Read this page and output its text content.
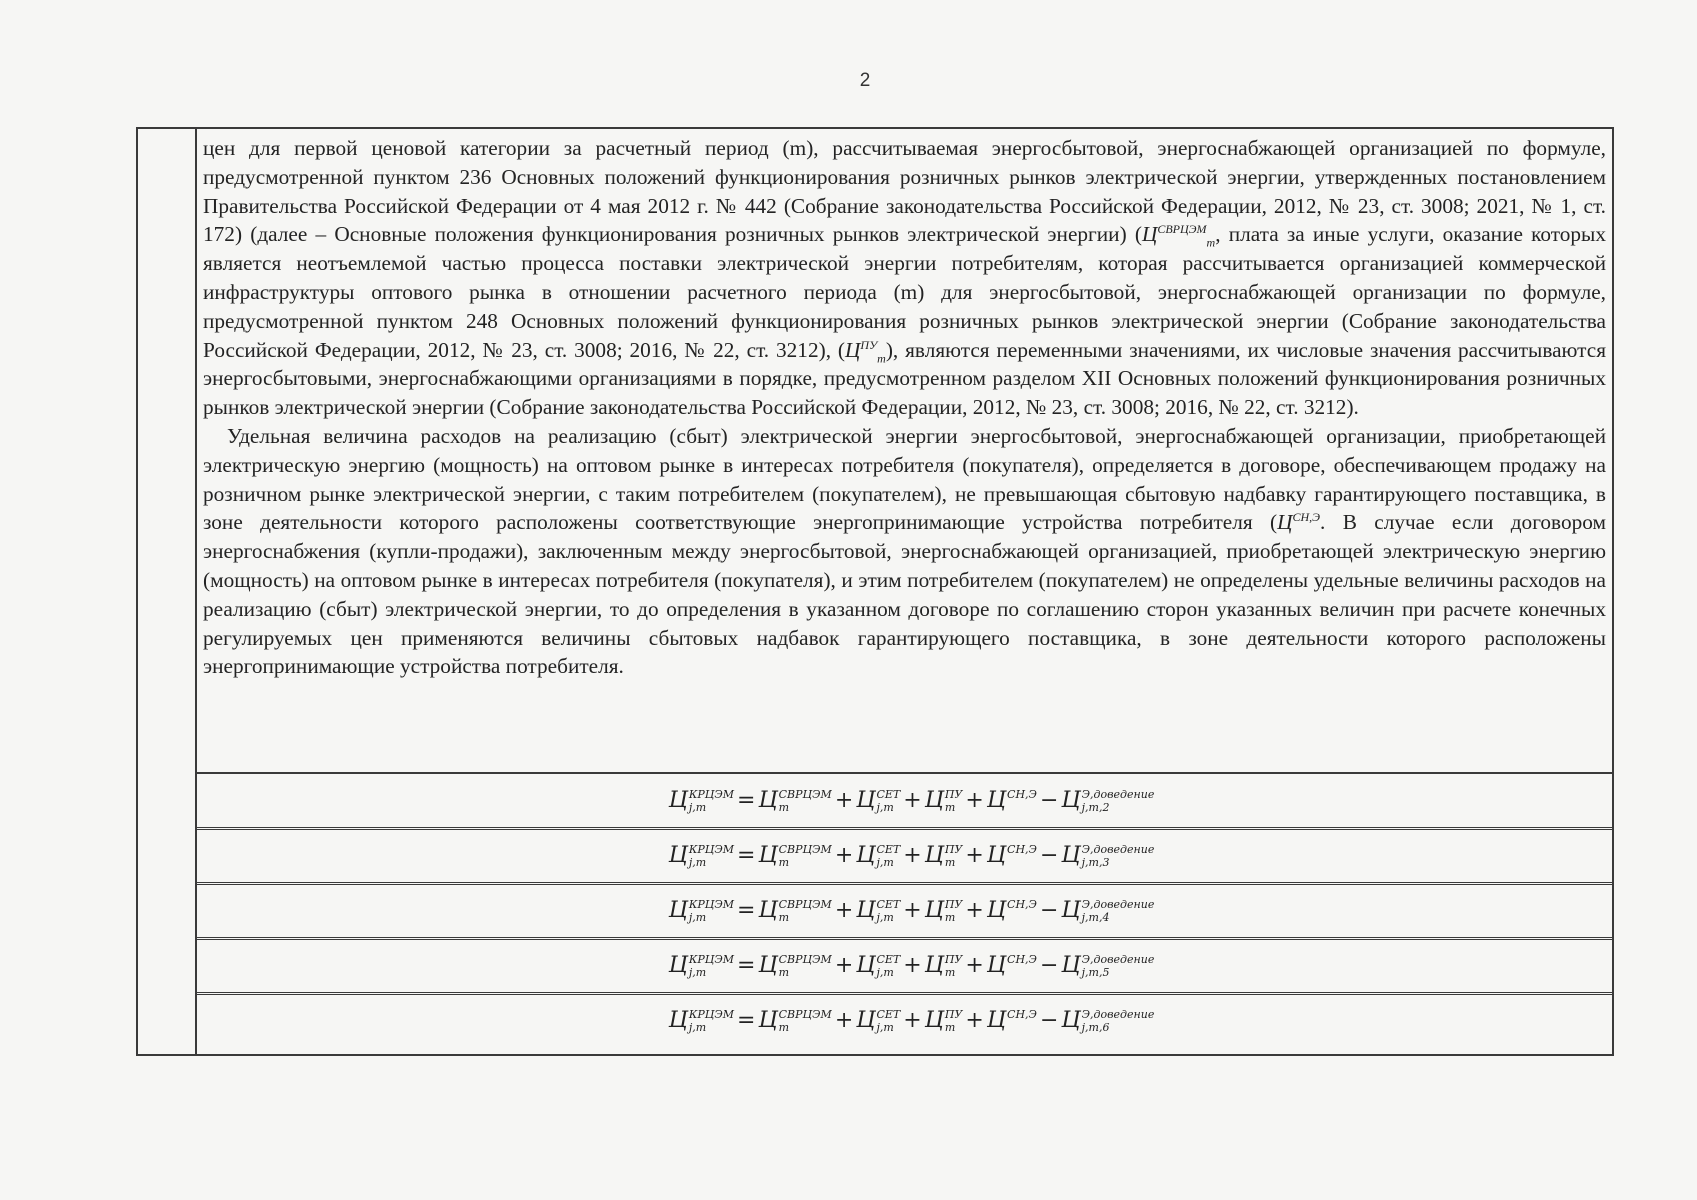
2

цен для первой ценовой категории за расчетный период (m), рассчитываемая энергосбытовой, энергоснабжающей организацией по формуле, предусмотренной пунктом 236 Основных положений функционирования розничных рынков электрической энергии, утвержденных постановлением Правительства Российской Федерации от 4 мая 2012 г. № 442 (Собрание законодательства Российской Федерации, 2012, № 23, ст. 3008; 2021, № 1, ст. 172) (далее – Основные положения функционирования розничных рынков электрической энергии) ($Ц^{СВРЦЭМ}_m$, плата за иные услуги, оказание которых является неотъемлемой частью процесса поставки электрической энергии потребителям, которая рассчитывается организацией коммерческой инфраструктуры оптового рынка в отношении расчетного периода (m) для энергосбытовой, энергоснабжающей организации по формуле, предусмотренной пунктом 248 Основных положений функционирования розничных рынков электрической энергии (Собрание законодательства Российской Федерации, 2012, № 23, ст. 3008; 2016, № 22, ст. 3212), $(Ц^{ПУ}_m)$, являются переменными значениями, их числовые значения рассчитываются энергосбытовыми, энергоснабжающими организациями в порядке, предусмотренном разделом XII Основных положений функционирования розничных рынков электрической энергии (Собрание законодательства Российской Федерации, 2012, № 23, ст. 3008; 2016, № 22, ст. 3212).

Удельная величина расходов на реализацию (сбыт) электрической энергии энергосбытовой, энергоснабжающей организации, приобретающей электрическую энергию (мощность) на оптовом рынке в интересах потребителя (покупателя), определяется в договоре, обеспечивающем продажу на розничном рынке электрической энергии, с таким потребителем (покупателем), не превышающая сбытовую надбавку гарантирующего поставщика, в зоне деятельности которого расположены соответствующие энергопринимающие устройства потребителя ($Ц^{СН,Э}$. В случае если договором энергоснабжения (купли-продажи), заключенным между энергосбытовой, энергоснабжающей организацией, приобретающей электрическую энергию (мощность) на оптовом рынке в интересах потребителя (покупателя), и этим потребителем (покупателем) не определены удельные величины расходов на реализацию (сбыт) электрической энергии, то до определения в указанном договоре по соглашению сторон указанных величин при расчете конечных регулируемых цен применяются величины сбытовых надбавок гарантирующего поставщика, в зоне деятельности которого расположены энергопринимающие устройства потребителя.

Ц КРЦЭМ
j,m	= Ц СВРЦЭМ
m	+ Ц СЕТ
j,m + Ц ПУ
m + Ц СН,Э
− Ц Э,доведение
j,m,2
Ц КРЦЭМ
j,m	= Ц СВРЦЭМ
m	+ Ц СЕТ
j,m + Ц ПУ
m + Ц СН,Э
− Ц Э,доведение
j,m,3
Ц КРЦЭМ
j,m	= Ц СВРЦЭМ
m	+ Ц СЕТ
j,m + Ц ПУ
m + Ц СН,Э
− Ц Э,доведение
j,m,4
Ц КРЦЭМ
j,m	= Ц СВРЦЭМ
m	+ Ц СЕТ
j,m + Ц ПУ
m + Ц СН,Э
− Ц Э,доведение
j,m,5
Ц КРЦЭМ
j,m	= Ц СВРЦЭМ
m	+ Ц СЕТ
j,m + Ц ПУ
m + Ц СН,Э
− Ц Э,доведение
j,m,6
